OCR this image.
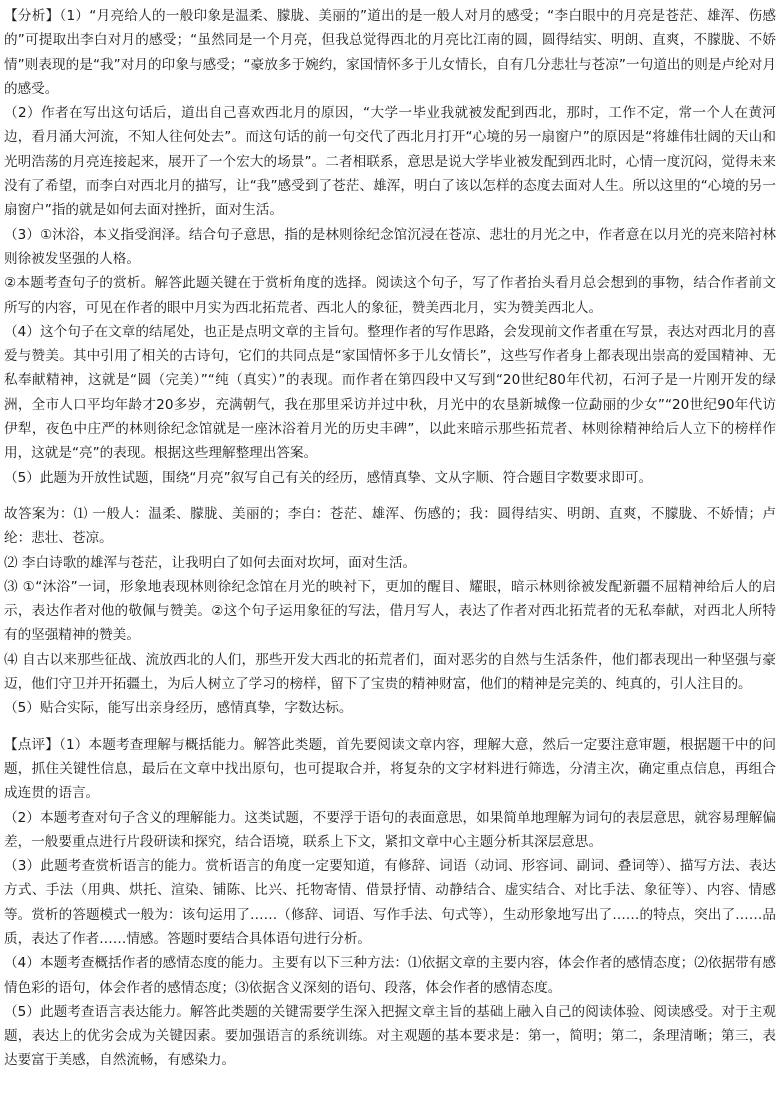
【分析】（1）“月亮给人的一般印象是温柔、朦胧、美丽的”道出的是一般人对月的感受；“李白眼中的月亮是苍茫、雄浑、伤感的”可提取出李白对月的感受；“虽然同是一个月亮，但我总觉得西北的月亮比江南的圆，圆得结实、明朗、直爽，不朦胧、不娇情”则表现的是“我”对月的印象与感受；“豪放多于婉约，家国情怀多于儿女情长，自有几分悲壮与苍凉”一句道出的则是卢纶对月的感受。

（2）作者在写出这句话后，道出自己喜欢西北月的原因，“大学一毕业我就被发配到西北，那时，工作不定，常一个人在黄河边，看月涌大河流，不知人往何处去”。而这句话的前一句交代了西北月打开“心境的另一扇窗户”的原因是“将雄伟壮阔的天山和光明浩荡的月亮连接起来，展开了一个宏大的场景”。二者相联系，意思是说大学毕业被发配到西北时，心情一度沉闷，觉得未来没有了希望，而李白对西北月的描写，让“我”感受到了苍茫、雄浑，明白了该以怎样的态度去面对人生。所以这里的“心境的另一扇窗户”指的就是如何去面对挫折，面对生活。

（3）①沐浴，本义指受润泽。结合句子意思，指的是林则徐纪念馆沉浸在苍凉、悲壮的月光之中，作者意在以月光的亮来陪衬林则徐被发坚强的人格。

②本题考查句子的赏析。解答此题关键在于赏析角度的选择。阅读这个句子，写了作者抬头看月总会想到的事物，结合作者前文所写的内容，可见在作者的眼中月实为西北拓荒者、西北人的象征，赞美西北月，实为赞美西北人。

（4）这个句子在文章的结尾处，也正是点明文章的主旨句。整理作者的写作思路，会发现前文作者重在写景，表达对西北月的喜爱与赞美。其中引用了相关的古诗句，它们的共同点是“家国情怀多于儿女情长”，这些写作者身上都表现出崇高的爱国精神、无私奉献精神，这就是“圆（完美）”“纯（真实）”的表现。而作者在第四段中又写到“20世纪80年代初，石河子是一片刚开发的绿洲，全市人口平均年龄才20多岁，充满朝气，我在那里采访并过中秋，月光中的农垦新城像一位勐丽的少女”“20世纪90年代访伊犁，夜色中庄严的林则徐纪念馆就是一座沐浴着月光的历史丰碑”，以此来暗示那些拓荒者、林则徐精神给后人立下的榜样作用，这就是“亮”的表现。根据这些理解整理出答案。

（5）此题为开放性试题，围绕“月亮”叙写自己有关的经历，感情真挚、文从字顺、符合题目字数要求即可。

故答案为：⑴ 一般人：温柔、朦胧、美丽的；李白：苍茫、雄浑、伤感的；我：圆得结实、明朗、直爽，不朦胧、不娇情；卢纶：悲壮、苍凉。

⑵ 李白诗歌的雄浑与苍茫，让我明白了如何去面对坎坷，面对生活。

⑶ ①“沐浴”一词，形象地表现林则徐纪念馆在月光的映衬下，更加的醒目、耀眼，暗示林则徐被发配新疆不屈精神给后人的启示，表达作者对他的敬佩与赞美。②这个句子运用象征的写法，借月写人，表达了作者对西北拓荒者的无私奉献，对西北人所特有的坚强精神的赞美。

⑷ 自古以来那些征战、流放西北的人们，那些开发大西北的拓荒者们，面对恶劣的自然与生活条件，他们都表现出一种坚强与豪迈，他们守卫并开拓疆土，为后人树立了学习的榜样，留下了宝贵的精神财富，他们的精神是完美的、纯真的，引人注目的。

（5）贴合实际，能写出亲身经历，感情真挚，字数达标。

【点评】（1）本题考查理解与概括能力。解答此类题，首先要阅读文章内容，理解大意，然后一定要注意审题，根据题干中的问题，抓住关键性信息，最后在文章中找出原句，也可提取合并，将复杂的文字材料进行筛选，分清主次，确定重点信息，再组合成连贯的语言。

（2）本题考查对句子含义的理解能力。这类试题，不要浮于语句的表面意思，如果简单地理解为词句的表层意思，就容易理解偏差，一般要重点进行片段研读和探究，结合语境，联系上下文，紧扣文章中心主题分析其深层意思。

（3）此题考查赏析语言的能力。赏析语言的角度一定要知道，有修辞、词语（动词、形容词、副词、叠词等）、描写方法、表达方式、手法（用典、烘托、渲染、铺陈、比兴、托物寄情、借景抒情、动静结合、虚实结合、对比手法、象征等）、内容、情感等。赏析的答题模式一般为：该句运用了……（修辞、词语、写作手法、句式等），生动形象地写出了……的特点，突出了……品质，表达了作者……情感。答题时要结合具体语句进行分析。

（4）本题考查概括作者的感情态度的能力。主要有以下三种方法：⑴依据文章的主要内容，体会作者的感情态度；⑵依据带有感情色彩的语句，体会作者的感情态度；⑶依据含义深刻的语句、段落，体会作者的感情态度。

（5）此题考查语言表达能力。解答此类题的关键需要学生深入把握文章主旨的基础上融入自己的阅读体验、阅读感受。对于主观题，表达上的优劣会成为关键因素。要加强语言的系统训练。对主观题的基本要求是：第一，简明；第二，条理清晰；第三，表达要富于美感，自然流畅，有感染力。
